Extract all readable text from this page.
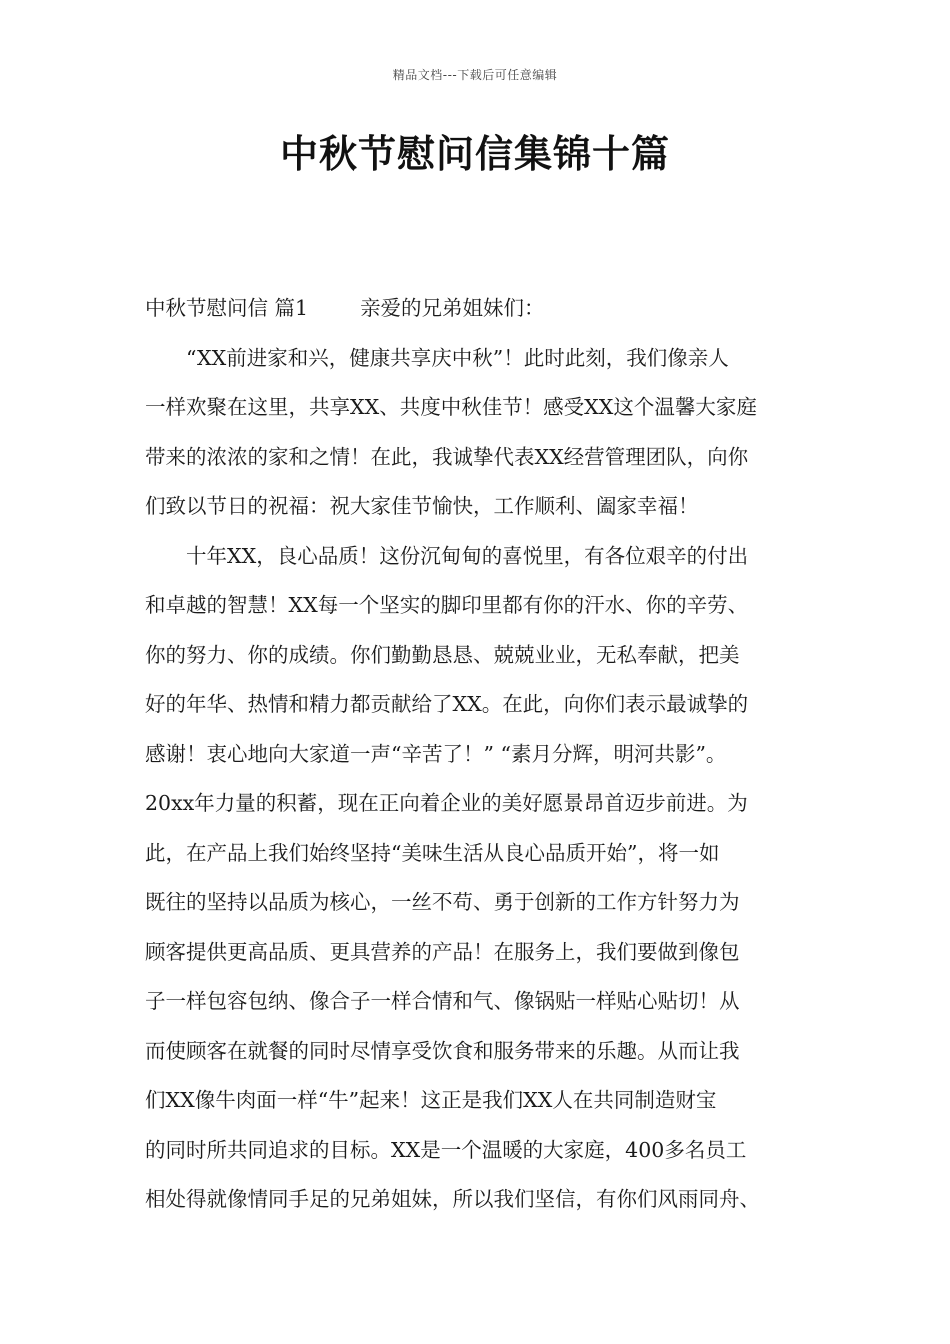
精品文档---下载后可任意编辑
中秋节慰问信集锦十篇
中秋节慰问信 篇1	亲爱的兄弟姐妹们：
“XX前进家和兴，健康共享庆中秋”！此时此刻，我们像亲人
一样欢聚在这里，共享XX、共度中秋佳节！感受XX这个温馨大家庭
带来的浓浓的家和之情！在此，我诚挚代表XX经营管理团队，向你
们致以节日的祝福：祝大家佳节愉快，工作顺利、阖家幸福！
十年XX，良心品质！这份沉甸甸的喜悦里，有各位艰辛的付出
和卓越的智慧！XX每一个坚实的脚印里都有你的汗水、你的辛劳、
你的努力、你的成绩。你们勤勤恳恳、兢兢业业，无私奉献，把美
好的年华、热情和精力都贡献给了XX。在此，向你们表示最诚挚的
感谢！衷心地向大家道一声“辛苦了！” “素月分辉，明河共影”。
20xx年力量的积蓄，现在正向着企业的美好愿景昂首迈步前进。为
此，在产品上我们始终坚持“美味生活从良心品质开始”，将一如
既往的坚持以品质为核心，一丝不苟、勇于创新的工作方针努力为
顾客提供更高品质、更具营养的产品！在服务上，我们要做到像包
子一样包容包纳、像合子一样合情和气、像锅贴一样贴心贴切！从
而使顾客在就餐的同时尽情享受饮食和服务带来的乐趣。从而让我
们XX像牛肉面一样“牛”起来！这正是我们XX人在共同制造财宝
的同时所共同追求的目标。XX是一个温暖的大家庭，400多名员工
相处得就像情同手足的兄弟姐妹，所以我们坚信，有你们风雨同舟、
